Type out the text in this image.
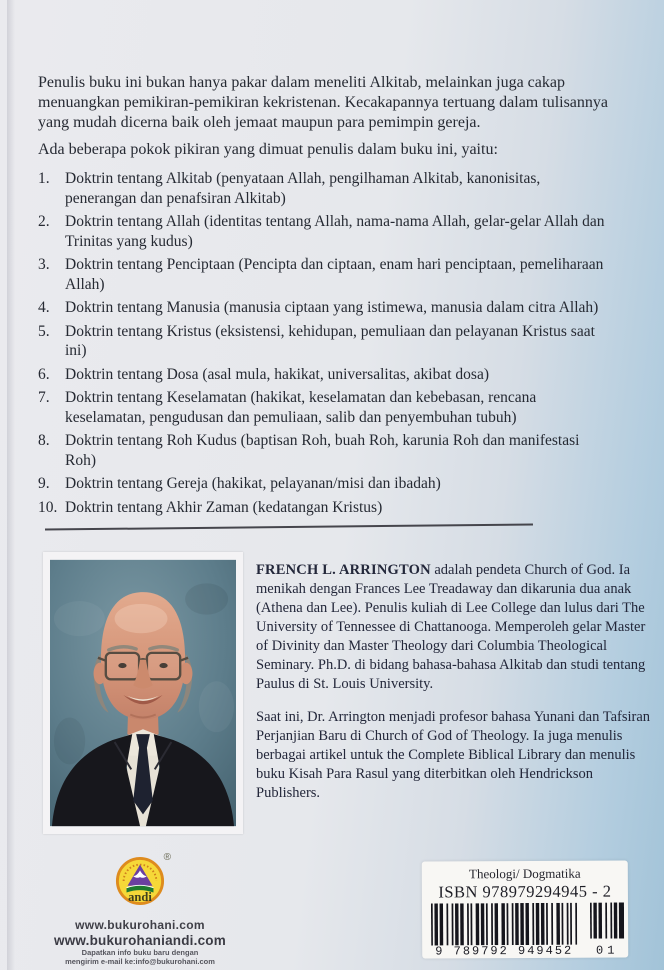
Penulis buku ini bukan hanya pakar dalam meneliti Alkitab, melainkan juga cakap menuangkan pemikiran-pemikiran kekristenan. Kecakapannya tertuang dalam tulisannya yang mudah dicerna baik oleh jemaat maupun para pemimpin gereja.

Ada beberapa pokok pikiran yang dimuat penulis dalam buku ini, yaitu:

1. Doktrin tentang Alkitab (penyataan Allah, pengilhaman Alkitab, kanonisitas, penerangan dan penafsiran Alkitab)
2. Doktrin tentang Allah (identitas tentang Allah, nama-nama Allah, gelar-gelar Allah dan Trinitas yang kudus)
3. Doktrin tentang Penciptaan (Pencipta dan ciptaan, enam hari penciptaan, pemeliharaan Allah)
4. Doktrin tentang Manusia (manusia ciptaan yang istimewa, manusia dalam citra Allah)
5. Doktrin tentang Kristus (eksistensi, kehidupan, pemuliaan dan pelayanan Kristus saat ini)
6. Doktrin tentang Dosa (asal mula, hakikat, universalitas, akibat dosa)
7. Doktrin tentang Keselamatan (hakikat, keselamatan dan kebebasan, rencana keselamatan, pengudusan dan pemuliaan, salib dan penyembuhan tubuh)
8. Doktrin tentang Roh Kudus (baptisan Roh, buah Roh, karunia Roh dan manifestasi Roh)
9. Doktrin tentang Gereja (hakikat, pelayanan/misi dan ibadah)
10. Doktrin tentang Akhir Zaman (kedatangan Kristus)

FRENCH L. ARRINGTON adalah pendeta Church of God. Ia menikah dengan Frances Lee Treadaway dan dikarunia dua anak (Athena dan Lee). Penulis kuliah di Lee College dan lulus dari The University of Tennessee di Chattanooga. Memperoleh gelar Master of Divinity dan Master Theology dari Columbia Theological Seminary. Ph.D. di bidang bahasa-bahasa Alkitab dan studi tentang Paulus di St. Louis University.

Saat ini, Dr. Arrington menjadi profesor bahasa Yunani dan Tafsiran Perjanjian Baru di Church of God of Theology. Ia juga menulis berbagai artikel untuk the Complete Biblical Library dan menulis buku Kisah Para Rasul yang diterbitkan oleh Hendrickson Publishers.

andi
®
www.bukurohani.com
www.bukurohaniandi.com
Dapatkan info buku baru dengan
mengirim e-mail ke:info@bukurohani.com
Theologi/ Dogmatika
ISBN 978979294945 - 2
9 789792 949452	01
